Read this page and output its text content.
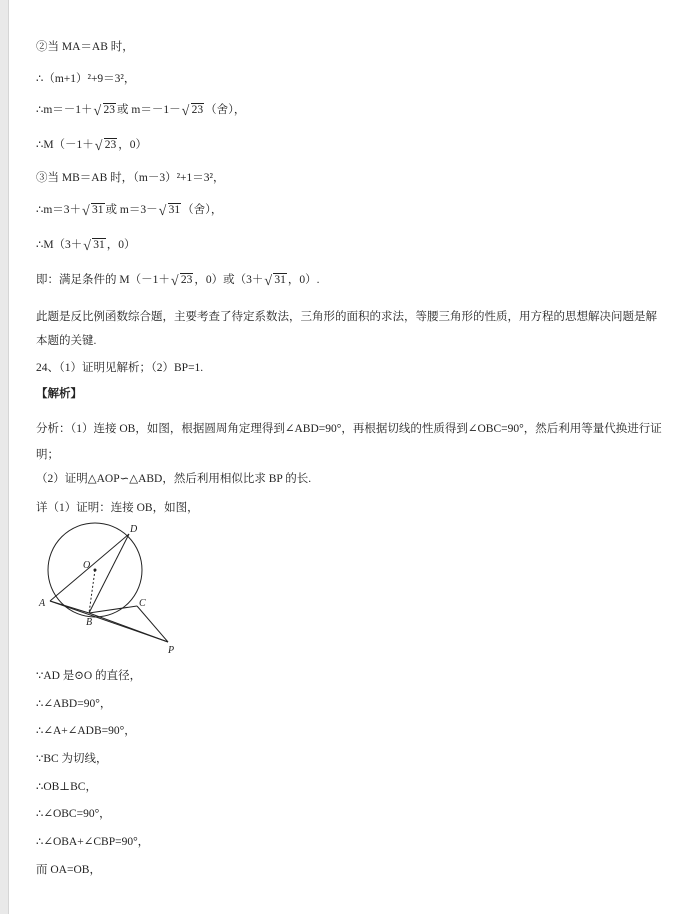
②当 MA＝AB 时，
∴（m+1）²+9＝3²，
∴m＝－1＋ √ 23 或 m＝－1－ √ 23 （舍），
∴M（－1＋ √ 23 ，0）
③当 MB＝AB 时，（m－3）²+1＝3²，
∴m＝3＋ √ 31 或 m＝3－ √ 31 （舍），
∴M（3＋ √ 31 ，0）
即：满足条件的 M（－1＋ √ 23 ，0）或（3＋ √ 31 ，0）.
此题是反比例函数综合题，主要考查了待定系数法，三角形的面积的求法，等腰三角形的性质，用方程的思想解决问题是解本题的关键.
24、（1）证明见解析；（2）BP=1.
【解析】
分析：（1）连接 OB，如图，根据圆周角定理得到∠ABD=90°，再根据切线的性质得到∠OBC=90°，然后利用等量代换进行证明；
（2）证明△AOP∽△ABD，然后利用相似比求 BP 的长.
详（1）证明：连接 OB，如图，
D
O
A
B
C
P
∵AD 是⊙O 的直径，
∴∠ABD=90°，
∴∠A+∠ADB=90°，
∵BC 为切线，
∴OB⊥BC，
∴∠OBC=90°，
∴∠OBA+∠CBP=90°，
而 OA=OB，
